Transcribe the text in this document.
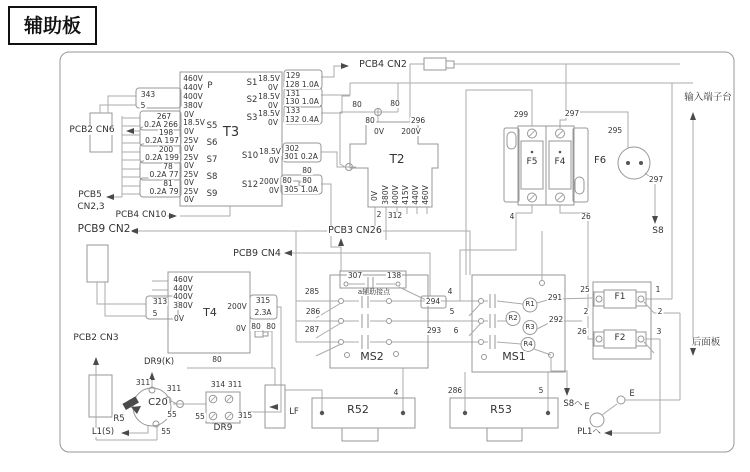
辅助板
PCB2 CN6
PCB5
CN2,3
PCB4 CN10
PCB9 CN2
PCB4 CN2
PCB3 CN26
PCB9 CN4
PCB2 CN3
输入端子台
S8
后面板
S8へ
PL1へ
L1(S)
DR9(K)
T3
460V
440V P
400V
380V
0V
343
5
18.5V
0V
S5
267
0.2A 266
25V
0V
S6
198
0.2A 197
25V
0V
S7
200
0.2A 199
25V
0V
S8
78
0.2A 77
25V
0V
S9
81
0.2A 79
S1 18.5V
0V
129
128 1.0A
S2 18.5V
0V
131
130 1.0A
S3 18.5V
0V
133
132 0.4A
S10 18.5V
0V
302
301 0.2A
S12 200V
0V
80
80
80
305 1.0A
T2
0V 200V
80	80
80	296
0V 380V 400V 415V 440V 460V
2 312
F5 F4
299	297
4	26
F6
295
297
F1
F2
25
2
26
1
2
3
291
292
MS1
R1
R2
R3
R4
4
5
6
286	5
MS2
307	138
a辅助接点
285
286
287
294
293
T4
460V
440V
400V
380V
0V
313
5
200V
315
2.3A
0V 80 80
80
C20
311
311
55
55
R5
314 311
55	315
DR9
LF	R52	R53
4	E
E
